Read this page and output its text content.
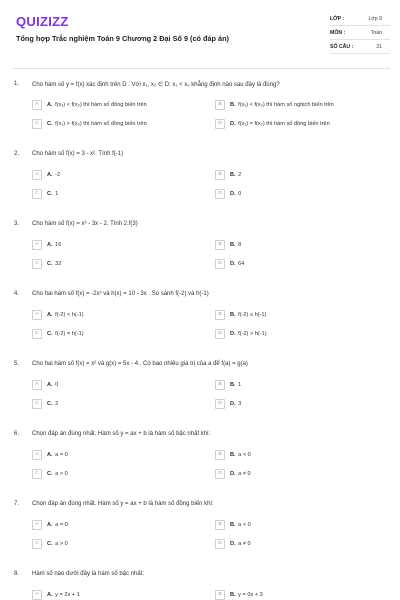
QUIZIZZ
Tổng hợp Trắc nghiệm Toán 9 Chương 2 Đại Số 9 (có đáp án)
LỚP :	Lớp 9
MÔN :	Toán
SỐ CÂU :	31
1.	Cho hàm số y = f(x) xác định trên D . Với x₁, x₂ ∈ D; x₁ < x₂ khẳng định nào sau đây là đúng?
A	A. f(x₁) < f(x₂) thì hàm số đồng biến trên	B	B. f(x₁) < f(x₂) thì hàm số nghịch biến trên
C	C. f(x₁) > f(x₂) thì hàm số đồng biến trên	D	D. f(x₁) = f(x₂) thì hàm số đồng biến trên
2.	Cho hàm số f(x) = 3 - x². Tính f(-1)
A	A. -2	B	B. 2
C	C. 1	D	D. 0
3.	Cho hàm số f(x) = x³ - 3x - 2. Tính 2.f(3)
A	A. 16	B	B. 8
C	C. 32	D	D. 64
4.	Cho hai hàm số f(x) = -2x³ và h(x) = 10 - 3x . So sánh f(-2) và h(-1)
A	A. f(-2) < h(-1)	B	B. f(-2) ≤ h(-1)
C	C. f(-2) = h(-1)	D	D. f(-2) > h(-1)
5.	Cho hai hàm số f(x) = x² và g(x) = 5x - 4 . Có bao nhiêu giá trị của a để f(a) = g(a)
A	A. 0	B	B. 1
C	C. 2	D	D. 3
6.	Chọn đáp án đúng nhất. Hàm số y = ax + b là hàm số bậc nhất khi:
A	A. a = 0	B	B. a < 0
C	C. a > 0	D	D. a ≠ 0
7.	Chọn đáp án đúng nhất. Hàm số y = ax + b là hàm số đồng biến khi:
A	A. a = 0	B	B. a < 0
C	C. a > 0	D	D. a ≠ 0
8.	Hàm số nào dưới đây là hàm số bậc nhất:
A	A. y = 2x + 1	B	B. y = 0x + 3
